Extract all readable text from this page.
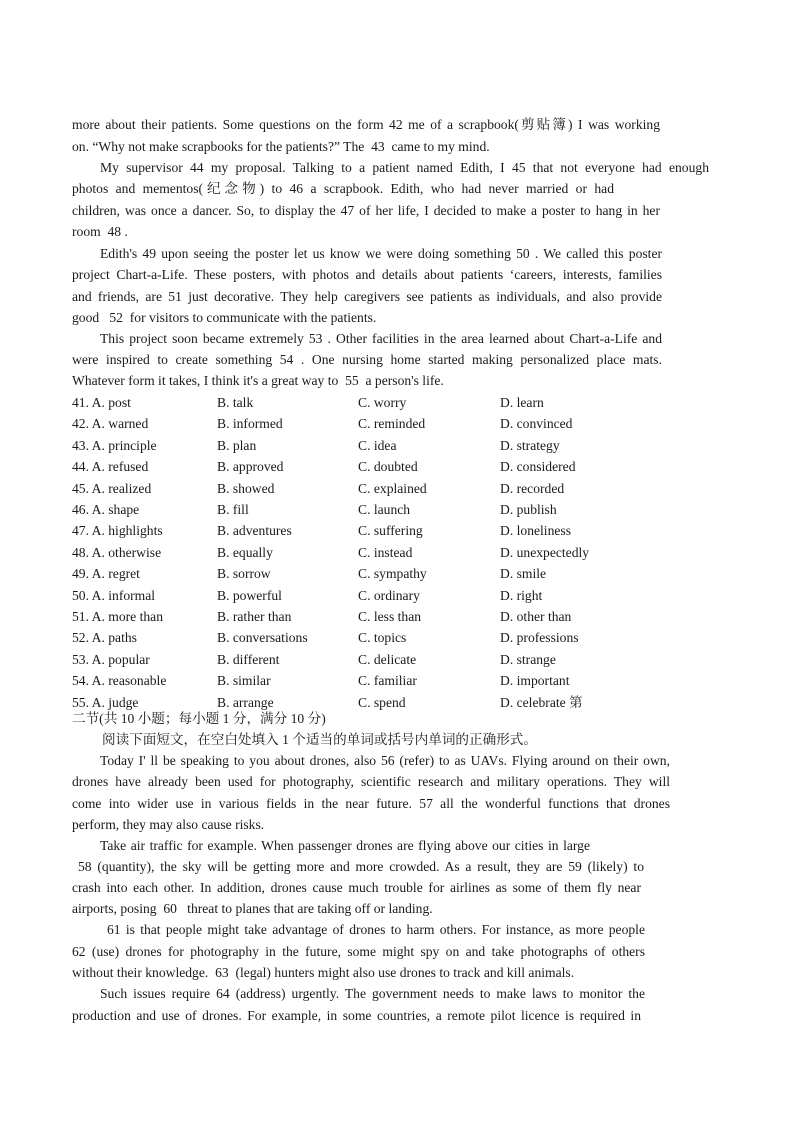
more about their patients. Some questions on the form 42 me of a scrapbook(剪贴簿) I was working
on. “Why not make scrapbooks for the patients?” The  43  came to my mind.
My supervisor 44 my proposal. Talking to a patient named Edith, I 45 that not everyone had enough
photos and mementos(纪念物) to 46 a scrapbook. Edith, who had never married or had
children, was once a dancer. So, to display the 47 of her life, I decided to make a poster to hang in her
room  48 .
Edith's 49 upon seeing the poster let us know we were doing something 50 . We called this poster
project Chart-a-Life. These posters, with photos and details about patients ‘careers, interests, families
and friends, are 51 just decorative. They help caregivers see patients as individuals, and also provide
good   52  for visitors to communicate with the patients.
This project soon became extremely 53 . Other facilities in the area learned about Chart-a-Life and
were inspired to create something 54 . One nursing home started making personalized place mats.
Whatever form it takes, I think it's a great way to  55  a person's life.
二节(共 10 小题；每小题 1 分，满分 10 分)
阅读下面短文，在空白处填入 1 个适当的单词或括号内单词的正确形式。
Today I' ll be speaking to you about drones, also 56 (refer) to as UAVs. Flying around on their own,
drones have already been used for photography, scientific research and military operations. They will
come into wider use in various fields in the near future. 57 all the wonderful functions that drones
perform, they may also cause risks.
Take air traffic for example. When passenger drones are flying above our cities in large
58 (quantity), the sky will be getting more and more crowded. As a result, they are 59 (likely) to
crash into each other. In addition, drones cause much trouble for airlines as some of them fly near
airports, posing  60   threat to planes that are taking off or landing.
61 is that people might take advantage of drones to harm others. For instance, as more people
62 (use) drones for photography in the future, some might spy on and take photographs of others
without their knowledge.  63  (legal) hunters might also use drones to track and kill animals.
Such issues require 64 (address) urgently. The government needs to make laws to monitor the
production and use of drones. For example, in some countries, a remote pilot licence is required in
41. A. post	B. talk	C. worry	D. learn
42. A. warned	B. informed	C. reminded	D. convinced
43. A. principle	B. plan	C. idea	D. strategy
44. A. refused	B. approved	C. doubted	D. considered
45. A. realized	B. showed	C. explained	D. recorded
46. A. shape	B. fill	C. launch	D. publish
47. A. highlights	B. adventures	C. suffering	D. loneliness
48. A. otherwise	B. equally	C. instead	D. unexpectedly
49. A. regret	B. sorrow	C. sympathy	D. smile
50. A. informal	B. powerful	C. ordinary	D. right
51. A. more than	B. rather than	C. less than	D. other than
52. A. paths	B. conversations	C. topics	D. professions
53. A. popular	B. different	C. delicate	D. strange
54. A. reasonable	B. similar	C. familiar	D. important
55. A. judge	B. arrange	C. spend	D. celebrate 第
